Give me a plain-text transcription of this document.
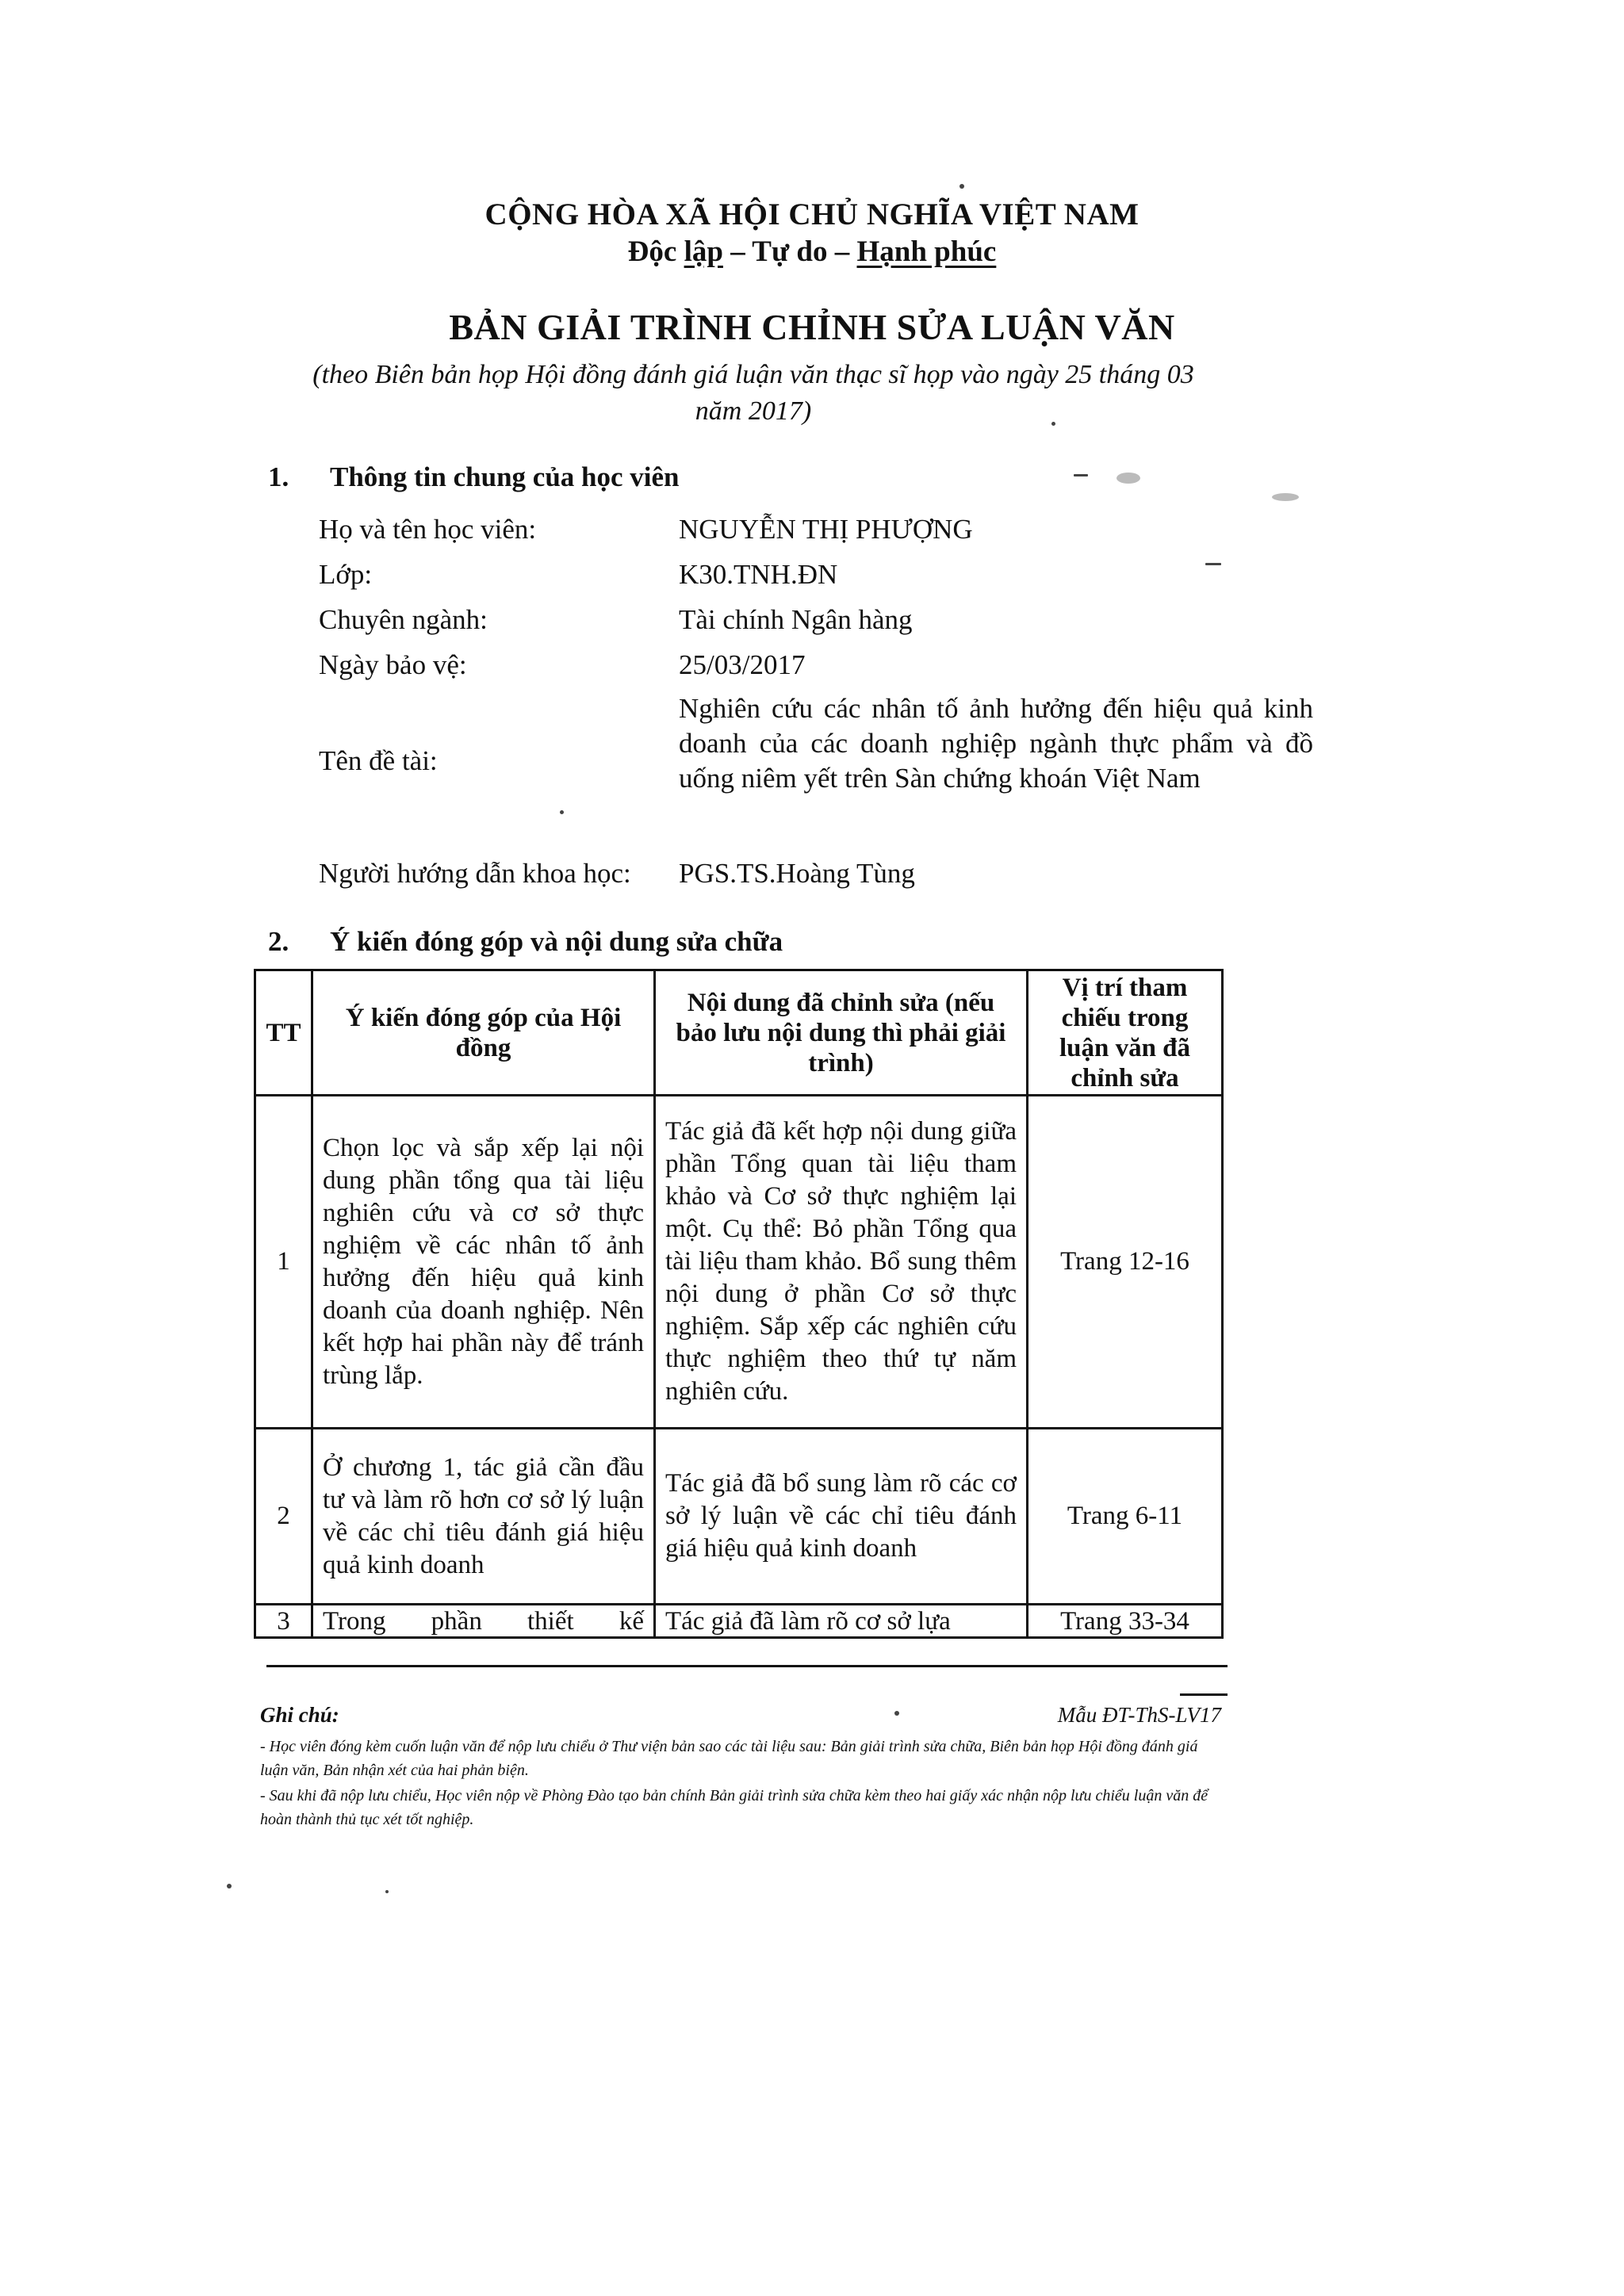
CỘNG HÒA XÃ HỘI CHỦ NGHĨA VIỆT NAM
Độc lập – Tự do – Hạnh phúc
BẢN GIẢI TRÌNH CHỈNH SỬA LUẬN VĂN
(theo Biên bản họp Hội đồng đánh giá luận văn thạc sĩ họp vào ngày 25 tháng 03 năm 2017)
1. Thông tin chung của học viên
Họ và tên học viên:	NGUYỄN THỊ PHƯỢNG
Lớp:	K30.TNH.ĐN
Chuyên ngành:	Tài chính Ngân hàng
Ngày bảo vệ:	25/03/2017
Tên đề tài:
Nghiên cứu các nhân tố ảnh hưởng đến hiệu quả kinh doanh của các doanh nghiệp ngành thực phẩm và đồ uống niêm yết trên Sàn chứng khoán Việt Nam
Người hướng dẫn khoa học: PGS.TS.Hoàng Tùng
2. Ý kiến đóng góp và nội dung sửa chữa
TT	Ý kiến đóng góp của Hội đồng	Nội dung đã chỉnh sửa (nếu bảo lưu nội dung thì phải giải trình)	Vị trí tham chiếu trong luận văn đã chỉnh sửa
1	Chọn lọc và sắp xếp lại nội dung phần tổng qua tài liệu nghiên cứu và cơ sở thực nghiệm về các nhân tố ảnh hưởng đến hiệu quả kinh doanh của doanh nghiệp. Nên kết hợp hai phần này để tránh trùng lắp.	Tác giả đã kết hợp nội dung giữa phần Tổng quan tài liệu tham khảo và Cơ sở thực nghiệm lại một. Cụ thể: Bỏ phần Tổng qua tài liệu tham khảo. Bổ sung thêm nội dung ở phần Cơ sở thực nghiệm. Sắp xếp các nghiên cứu thực nghiệm theo thứ tự năm nghiên cứu.	Trang 12-16
2	Ở chương 1, tác giả cần đầu tư và làm rõ hơn cơ sở lý luận về các chỉ tiêu đánh giá hiệu quả kinh doanh	Tác giả đã bổ sung làm rõ các cơ sở lý luận về các chỉ tiêu đánh giá hiệu quả kinh doanh	Trang 6-11
3	Trong phần thiết kế	Tác giả đã làm rõ cơ sở lựa	Trang 33-34
Ghi chú:	Mẫu ĐT-ThS-LV17

- Học viên đóng kèm cuốn luận văn để nộp lưu chiểu ở Thư viện bản sao các tài liệu sau: Bản giải trình sửa chữa, Biên bản họp Hội đồng đánh giá luận văn, Bản nhận xét của hai phản biện.

- Sau khi đã nộp lưu chiểu, Học viên nộp về Phòng Đào tạo bản chính Bản giải trình sửa chữa kèm theo hai giấy xác nhận nộp lưu chiểu luận văn để hoàn thành thủ tục xét tốt nghiệp.
